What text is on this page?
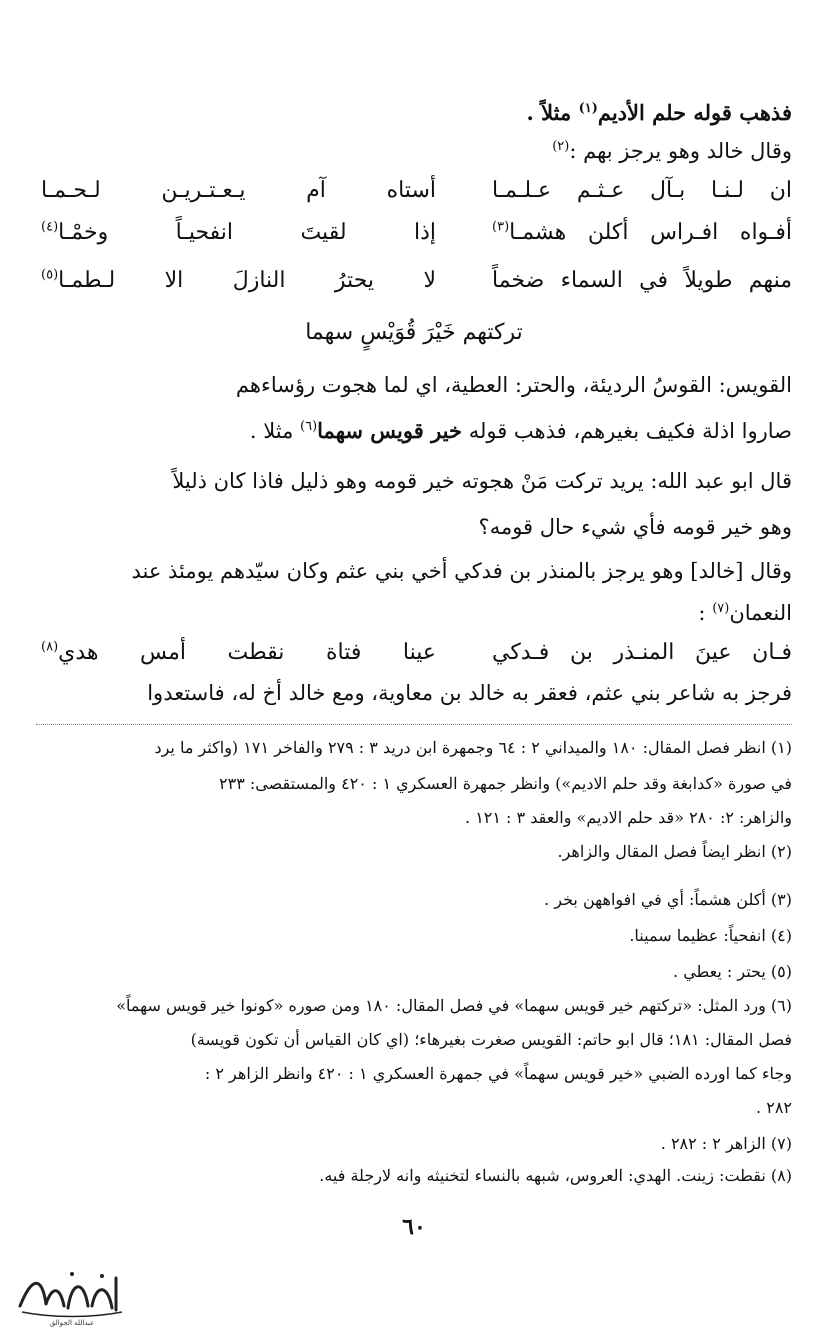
فذهب قوله حلم الأديم$^{(١)}$ مثلاً .
وقال خالد وهو يرجز بهم :$^{(٢)}$
ان لـنـا بـآل عـثـم عـلـمـا
أستاه آم يـعـتـريـن لـحـمـا
أفـواه افـراس أكلن هشمـا$^{(٣)}$
إذا لقيتَ انفحيـاً وخمْـا$^{(٤)}$
منهم طويلاً في السماء ضخماً
لا يحترُ النازلَ الا لـطمـا$^{(٥)}$
تركتهم خَيْرَ قُوَيْسٍ سهما
القويس: القوسُ الرديئة، والحتر: العطية، اي لما هجوت رؤساءهم
صاروا اذلة فكيف بغيرهم، فذهب قوله خير قويس سهما$^{(٦)}$ مثلا .
قال ابو عبد الله: يريد تركت مَنْ هجوته خير قومه وهو ذليل فاذا كان ذليلاً
وهو خير قومه فأي شيء حال قومه؟
وقال [خالد] وهو يرجز بالمنذر بن فدكي أخي بني عثم وكان سيّدهم يومئذ عند
النعمان$^{(٧)}$ :
فـان عينَ المنـذر بن فـدكي
عينا فتاة نقطت أمس هدي$^{(٨)}$
فرجز به شاعر بني عثم، فعقر به خالد بن معاوية، ومع خالد أخ له، فاستعدوا
(١) انظر فصل المقال: ١٨٠ والميداني ٢ : ٦٤ وجمهرة ابن دريد ٣ : ٢٧٩ والفاخر ١٧١ (واكثر ما يرد
في صورة «كدابغة وقد حلم الاديم») وانظر جمهرة العسكري ١ : ٤٢٠ والمستقصى: ٢٣٣
والزاهر: ٢: ٢٨٠ «قد حلم الاديم» والعقد ٣ : ١٢١ .
(٢) انظر ايضاً فصل المقال والزاهر.
(٣) أكلن هشماً: أي في افواههن بخر .
(٤) انفحياً: عظيما سمينا.
(٥) يحتر : يعطي .
(٦) ورد المثل: «تركتهم خير قويس سهما» في فصل المقال: ١٨٠ ومن صوره «كونوا خير قويس سهماً»
فصل المقال: ١٨١؛ قال ابو حاتم: القويس صغرت بغيرهاء؛ (اي كان القياس أن تكون قويسة)
وجاء كما اورده الضبي «خير قويس سهماً» في جمهرة العسكري ١ : ٤٢٠ وانظر الزاهر ٢ :
٢٨٢ .
(٧) الزاهر ٢ : ٢٨٢ .
(٨) نقطت: زينت. الهدي: العروس، شبهه بالنساء لتخنيثه وانه لارجلة فيه.
٦٠
عبدالله الجوالق
